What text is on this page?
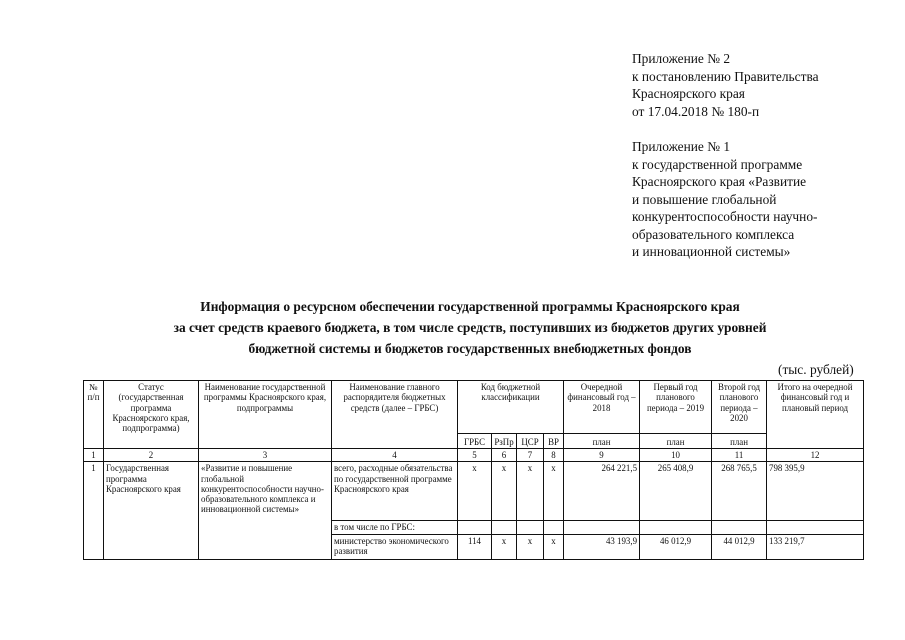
Приложение № 2
к постановлению Правительства
Красноярского края
от 17.04.2018 № 180-п
Приложение № 1
к государственной программе
Красноярского края «Развитие
и повышение глобальной
конкурентоспособности научно-
образовательного комплекса
и инновационной системы»
Информация о ресурсном обеспечении государственной программы Красноярского края
за счет средств краевого бюджета, в том числе средств, поступивших из бюджетов других уровней
бюджетной системы и бюджетов государственных внебюджетных фондов
(тыс. рублей)
№ п/п	Статус (государственная программа Красноярского края, подпрограмма)	Наименование государственной программы Красноярского края, подпрограммы	Наименование главного распорядителя бюджетных средств (далее – ГРБС)	Код бюджетной классификации				Очередной финансовый год – 2018	Первый год планового периода – 2019	Второй год планового периода – 2020	Итого на очередной финансовый год и плановый период
				ГРБС	РзПр	ЦСР	ВР	план	план	план	
1	2	3	4	5	6	7	8	9	10	11	12
1	Государственная программа Красноярского края	«Развитие и повышение глобальной конкурентоспособности научно-образовательного комплекса и инновационной системы»	всего, расходные обязательства по государственной программе Красноярского края	x	x	x	x	264 221,5	265 408,9	268 765,5	798 395,9
			в том числе по ГРБС:								
			министерство экономического развития	114	x	x	x	43 193,9	46 012,9	44 012,9	133 219,7
